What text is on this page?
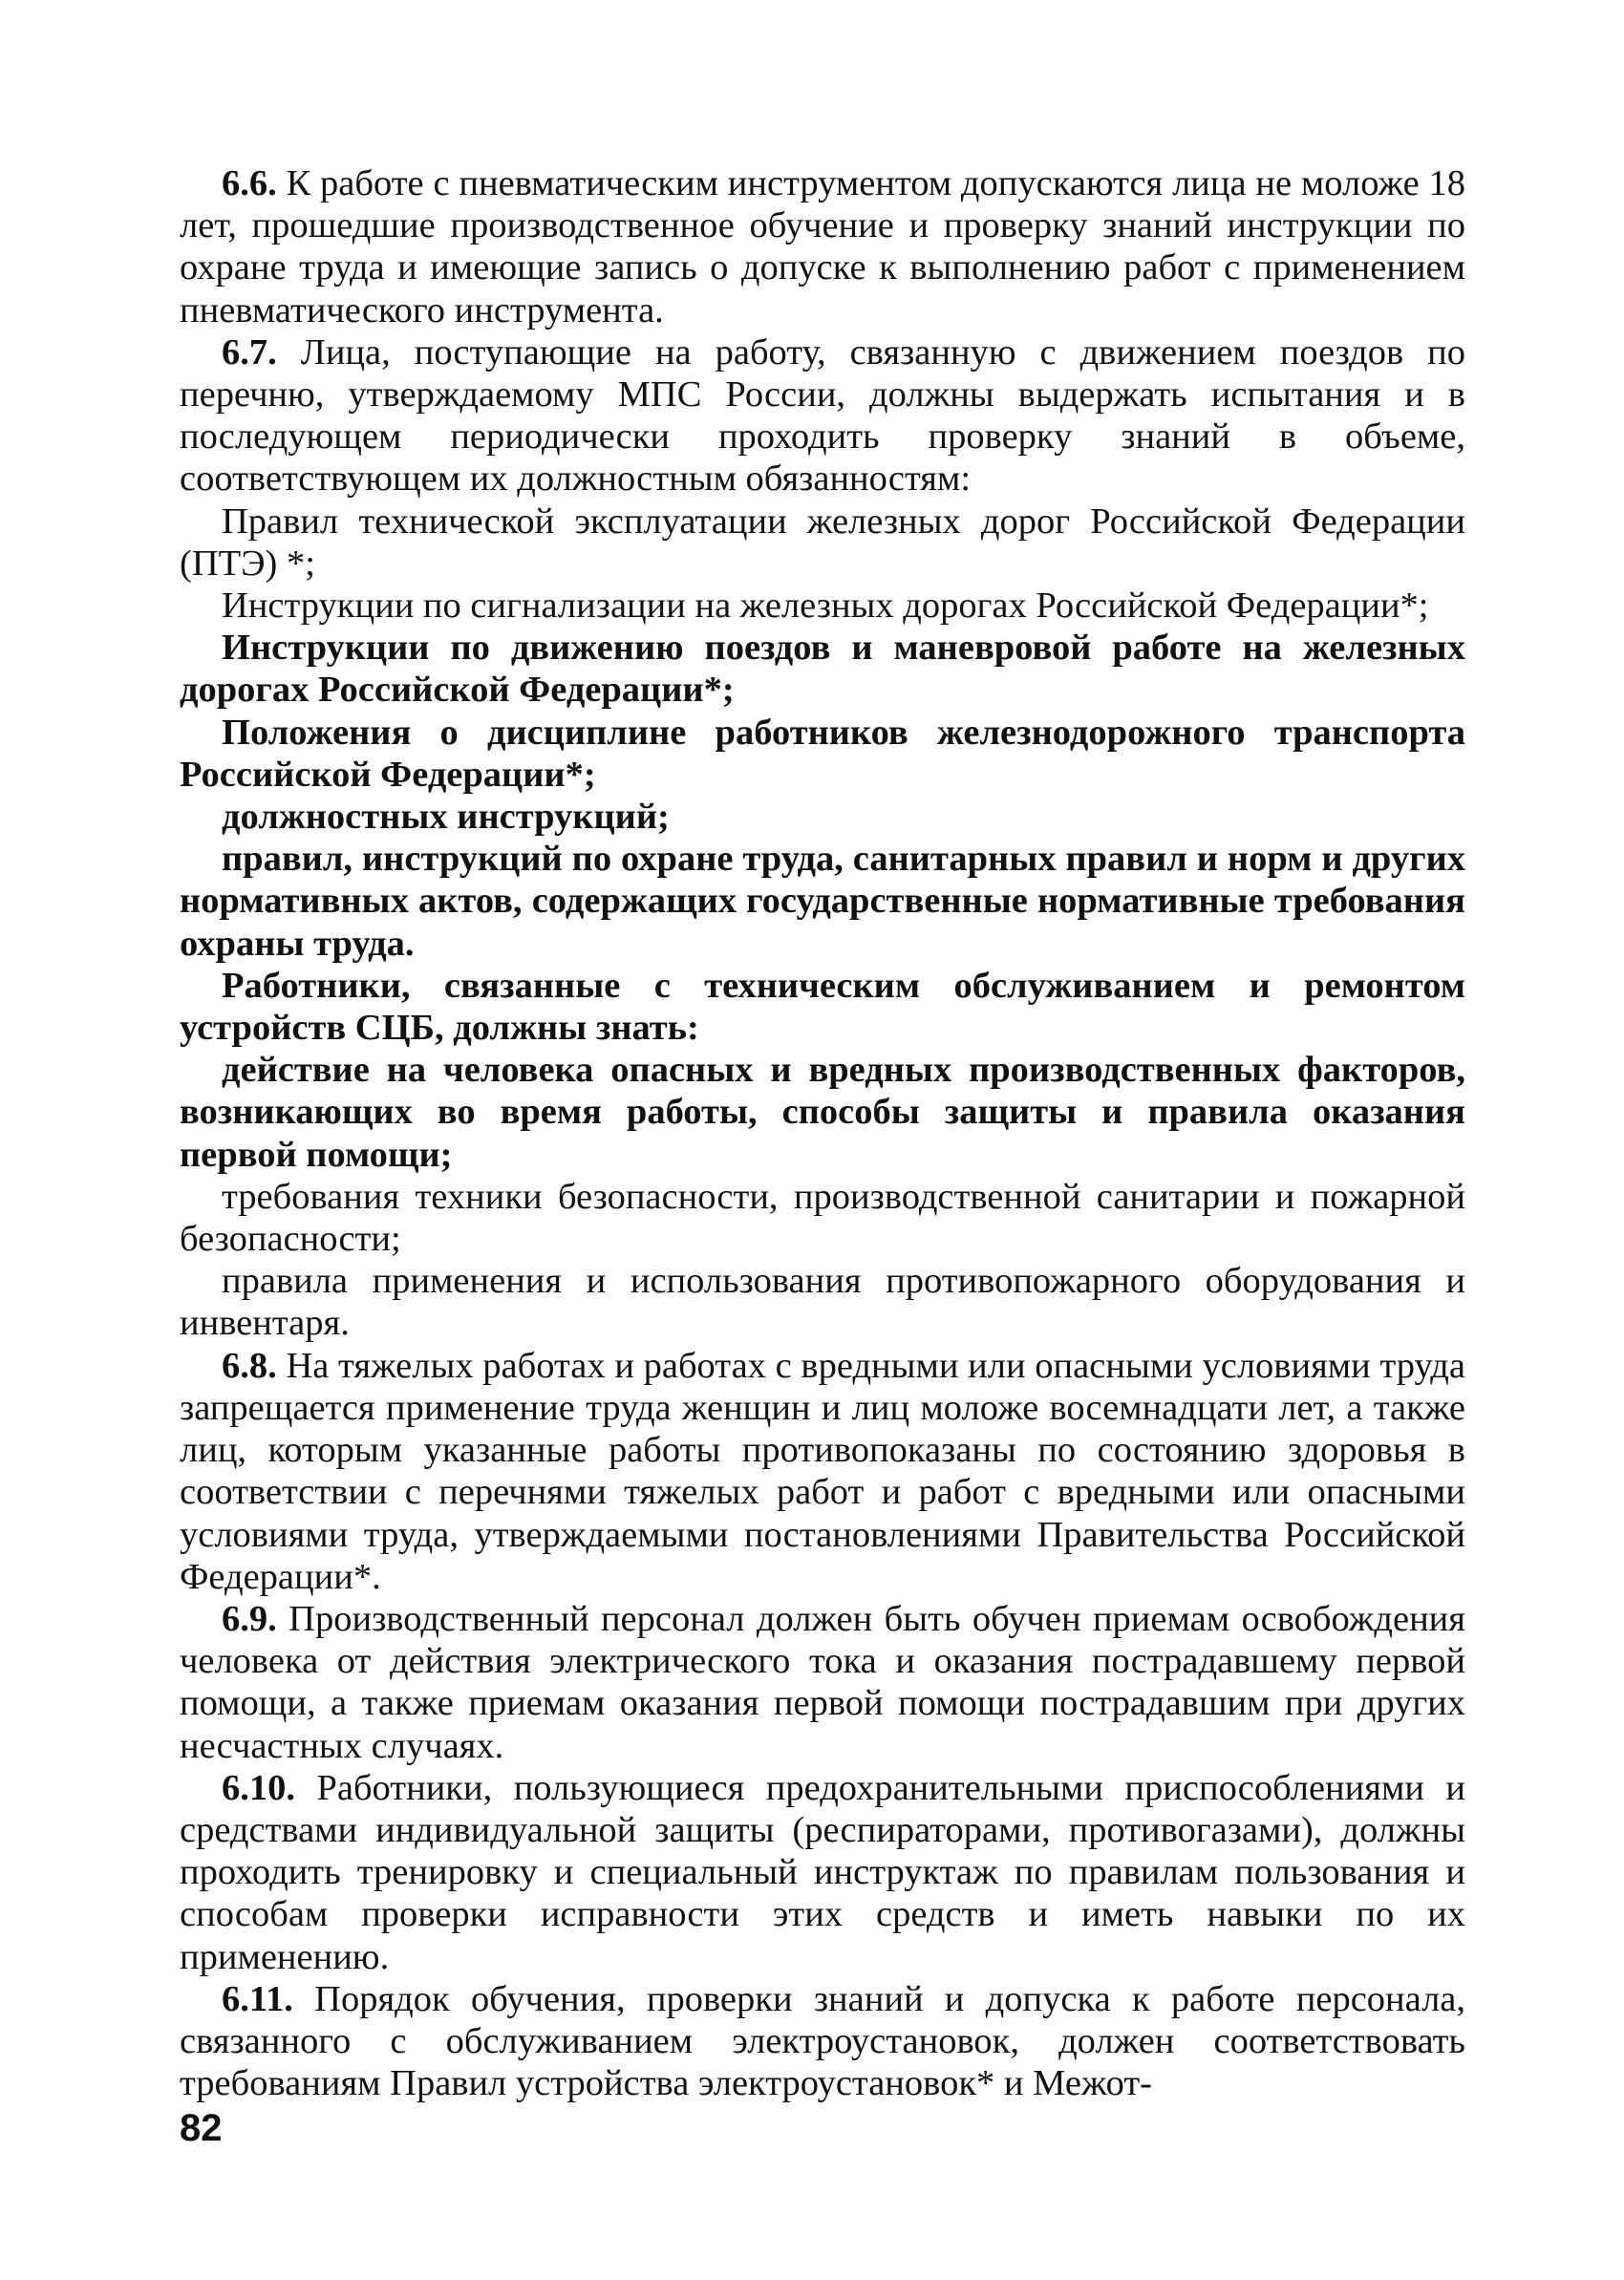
6.6. К работе с пневматическим инструментом допускаются лица не моложе 18 лет, прошедшие производственное обучение и проверку знаний инструкции по охране труда и имеющие запись о допуске к выполнению работ с применением пневматического инструмента.

6.7. Лица, поступающие на работу, связанную с движением поездов по перечню, утверждаемому МПС России, должны выдержать испытания и в последующем периодически проходить проверку знаний в объеме, соответствующем их должностным обязанностям:

Правил технической эксплуатации железных дорог Российской Федерации (ПТЭ) *;

Инструкции по сигнализации на железных дорогах Российской Федерации*;

Инструкции по движению поездов и маневровой работе на железных дорогах Российской Федерации*;

Положения о дисциплине работников железнодорожного транспорта Российской Федерации*;

должностных инструкций;

правил, инструкций по охране труда, санитарных правил и норм и других нормативных актов, содержащих государственные нормативные требования охраны труда.

Работники, связанные с техническим обслуживанием и ремонтом устройств СЦБ, должны знать:

действие на человека опасных и вредных производственных факторов, возникающих во время работы, способы защиты и правила оказания первой помощи;

требования техники безопасности, производственной санитарии и пожарной безопасности;

правила применения и использования противопожарного оборудования и инвентаря.

6.8. На тяжелых работах и работах с вредными или опасными условиями труда запрещается применение труда женщин и лиц моложе восемнадцати лет, а также лиц, которым указанные работы противопоказаны по состоянию здоровья в соответствии с перечнями тяжелых работ и работ с вредными или опасными условиями труда, утверждаемыми постановлениями Правительства Российской Федерации*.

6.9. Производственный персонал должен быть обучен приемам освобождения человека от действия электрического тока и оказания пострадавшему первой помощи, а также приемам оказания первой помощи пострадавшим при других несчастных случаях.

6.10. Работники, пользующиеся предохранительными приспособлениями и средствами индивидуальной защиты (респираторами, противогазами), должны проходить тренировку и специальный инструктаж по правилам пользования и способам проверки исправности этих средств и иметь навыки по их применению.

6.11. Порядок обучения, проверки знаний и допуска к работе персонала, связанного с обслуживанием электроустановок, должен соответствовать требованиям Правил устройства электроустановок* и Межот-

82
